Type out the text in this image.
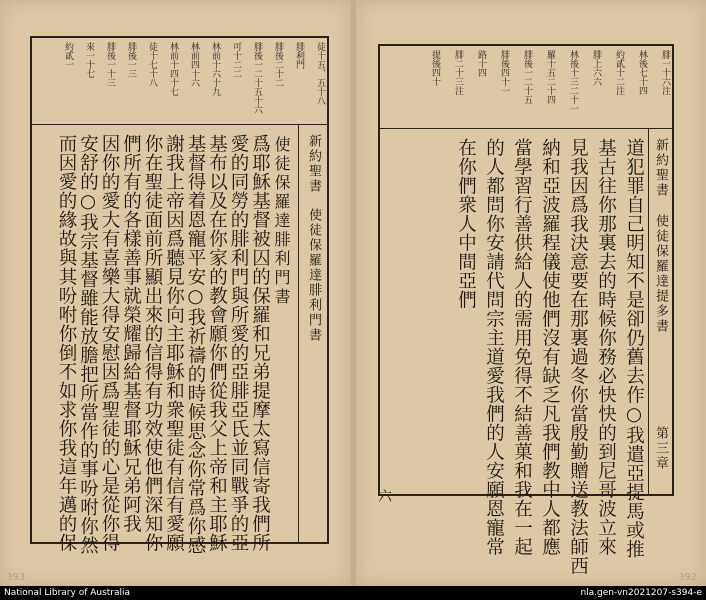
徒十五、五十八
腓利門
腓後二十二
腓後一二十五十六
可十二二
林前十六十九
林前四十六
林前十四十七
徒十七十八
腓後一三
腓後一十三
來一十七
約貳一
新約聖書
使徒保羅達腓利門書
使徒保羅達腓利門書
爲耶穌基督被囚的保羅和兄弟提摩太寫信寄我們所
愛的同勞的腓利門與所愛的亞腓亞氏並同戰爭的亞
基布以及在你家的教會願你們從我父上帝和主耶穌
基督得着恩寵平安○我祈禱的時候思念你常爲你感
謝我上帝因爲聽見你向主耶穌和衆聖徒有信有愛願
你在聖徒面前所顯出來的信得有功效使他們深知你
們所有的各樣善事就榮耀歸給基督耶穌兄弟阿我
因你的愛大有喜樂大得安慰因爲聖徒的心是從你得
安舒的○我宗基督雖能放膽把所當作的事吩咐你然
而因愛的緣故與其吩咐你倒不如求你我這年邁的保
393
腓一十六注
林後七十四
約貳十二注
腓上六六
林後十三二十一
羅十五二十四
腓後一二十五
腓後四十一
路十四
腓二十三注
提後四十
新約聖書
使徒保羅達提多書
第三章
道犯罪自己明知不是卻仍舊去作○我遣亞提馬或推
基古往你那裏去的時候你務必快快的到尼哥波立來
見我因爲我決意要在那裏過冬你當殷勤贈送教法師西
納和亞波羅程儀使他們沒有缺乏凡我們教中人都應
當學習行善供給人的需用免得不結善菓和我在一起
的人都問你安請代問宗主道愛我們的人安願恩寵常
在你們衆人中間亞們
六
392
National Library of Australia	nla.gen-vn2021207-s394-e
